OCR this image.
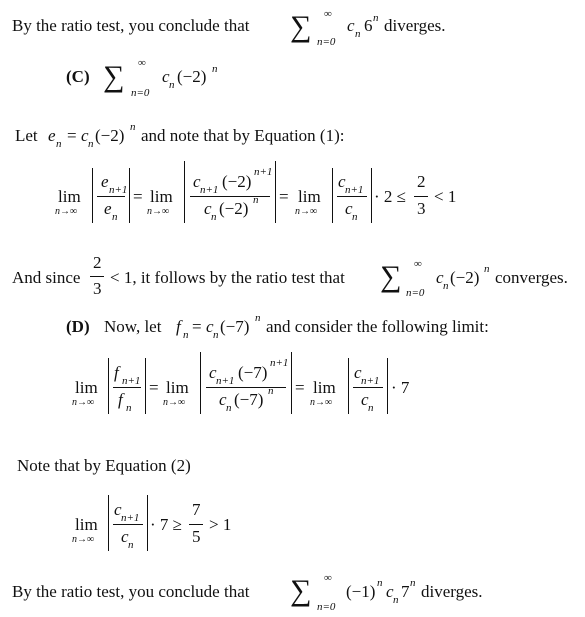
By the ratio test, you conclude that ∑ ∞
n=0
c n 6 n diverges.
(C) ∑ ∞
n=0
c n (−2) n
Let e n = c n (−2) n and note that by Equation (1):
lim
n→∞
e n+1
e n
= lim
n→∞
c n+1 (−2) n+1
c n (−2) n = lim
n→∞
c n+1
c n
· 2 ≤
2
3
< 1
And since
2
3
< 1, it follows by the ratio test that ∑ ∞
n=0
c n (−2) n converges.
(D) Now, let f n = c n (−7) n and consider the following limit:
lim
n→∞
f n+1
f n
= lim
n→∞
c n+1 (−7) n+1
c n (−7) n = lim
n→∞
c n+1
c n
· 7
Note that by Equation (2)
lim
n→∞
c n+1
c n
· 7 ≥
7
5
> 1
By the ratio test, you conclude that ∑ ∞
n=0
(−1) n c n 7 n diverges.
